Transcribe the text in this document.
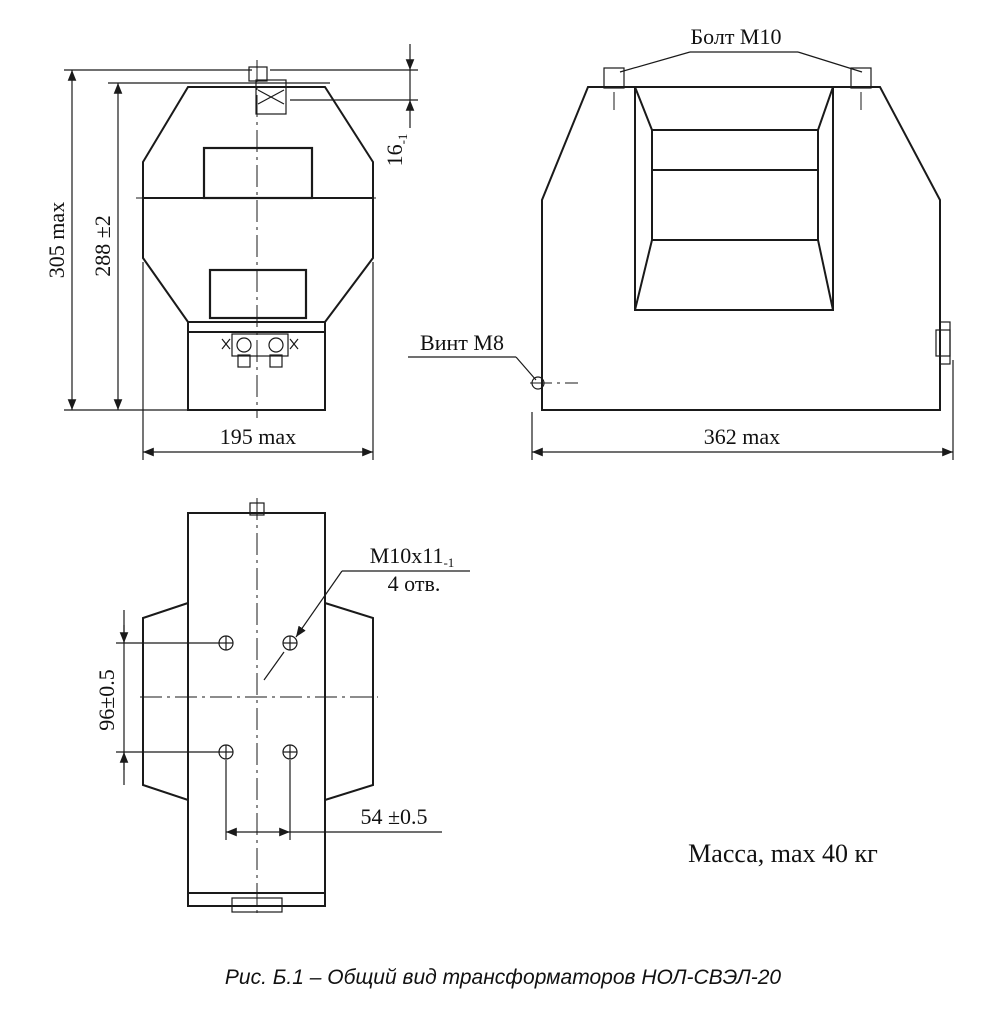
305 max 288 ±2
$16_{-1}$
195 max
Болт М10
Винт М8
362 max
96±0.5
54 ±0.5
М10х11-1
4 отв.
Масса, max 40 кг
Рис. Б.1 – Общий вид трансформаторов НОЛ-СВЭЛ-20
